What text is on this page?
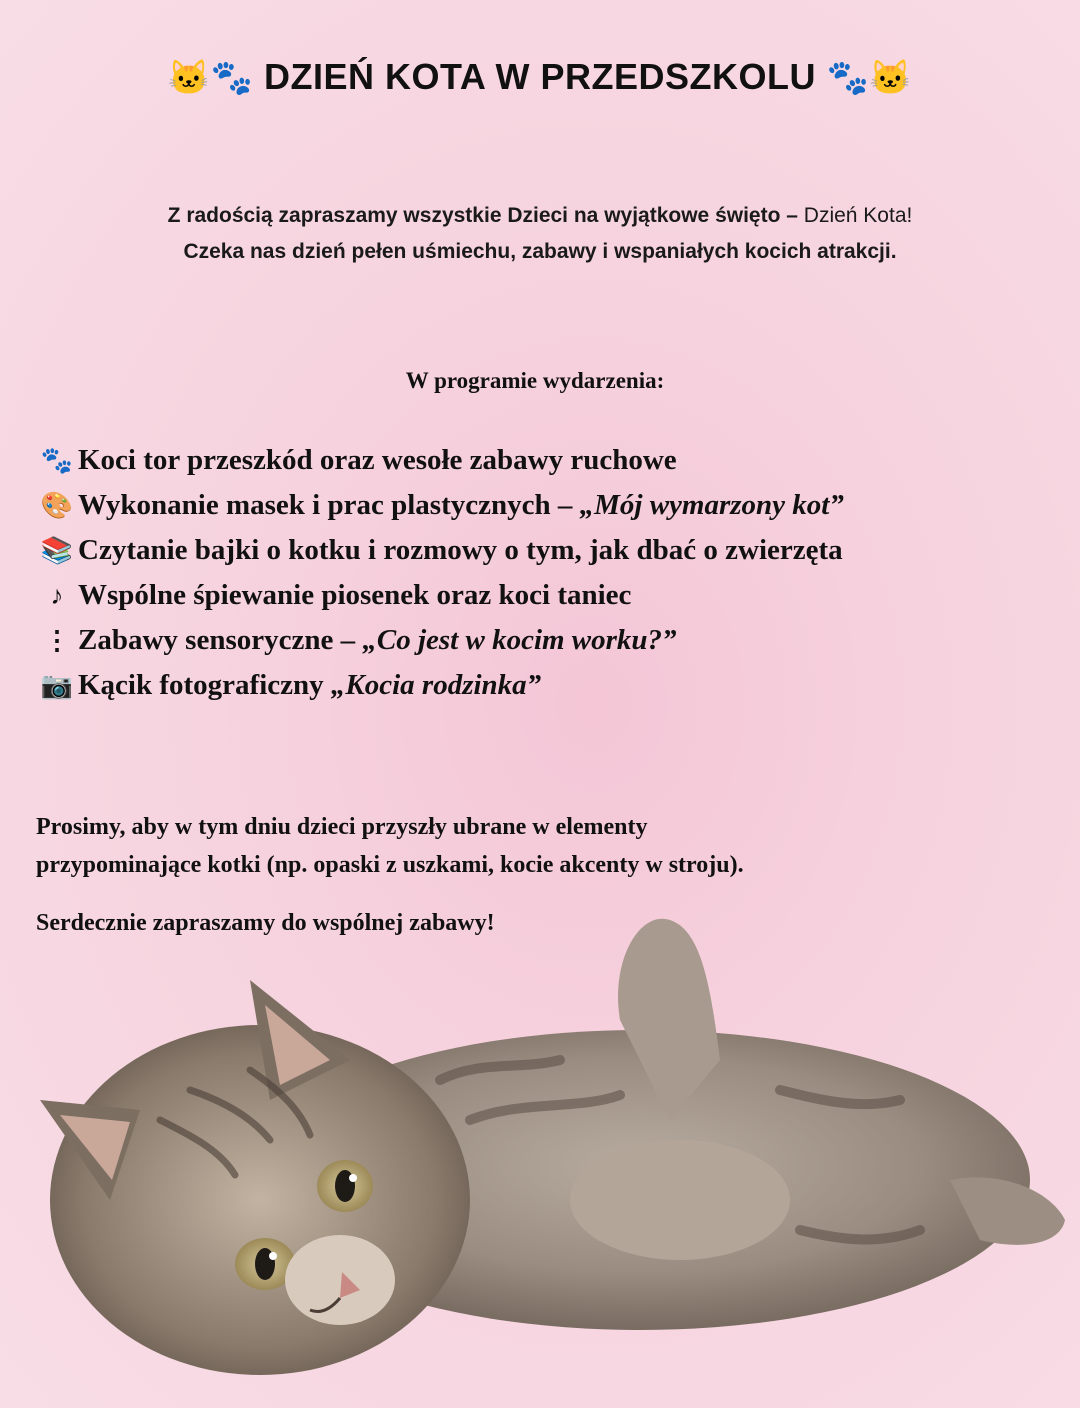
🐱🐾 DZIEŃ KOTA W PRZEDSZKOLU 🐾🐱
Z radością zapraszamy wszystkie Dzieci na wyjątkowe święto – Dzień Kota!
Czeka nas dzień pełen uśmiechu, zabawy i wspaniałych kocich atrakcji.
W programie wydarzenia:
🐾 Koci tor przeszkód oraz wesołe zabawy ruchowe
🎨 Wykonanie masek i prac plastycznych – „Mój wymarzony kot”
📚 Czytanie bajki o kotku i rozmowy o tym, jak dbać o zwierzęta
♪ Wspólne śpiewanie piosenek oraz koci taniec
⋮ Zabawy sensoryczne – „Co jest w kocim worku?”
📷 Kącik fotograficzny „Kocia rodzinka”
Prosimy, aby w tym dniu dzieci przyszły ubrane w elementy
przypominające kotki (np. opaski z uszkami, kocie akcenty w stroju).
Serdecznie zapraszamy do wspólnej zabawy!
